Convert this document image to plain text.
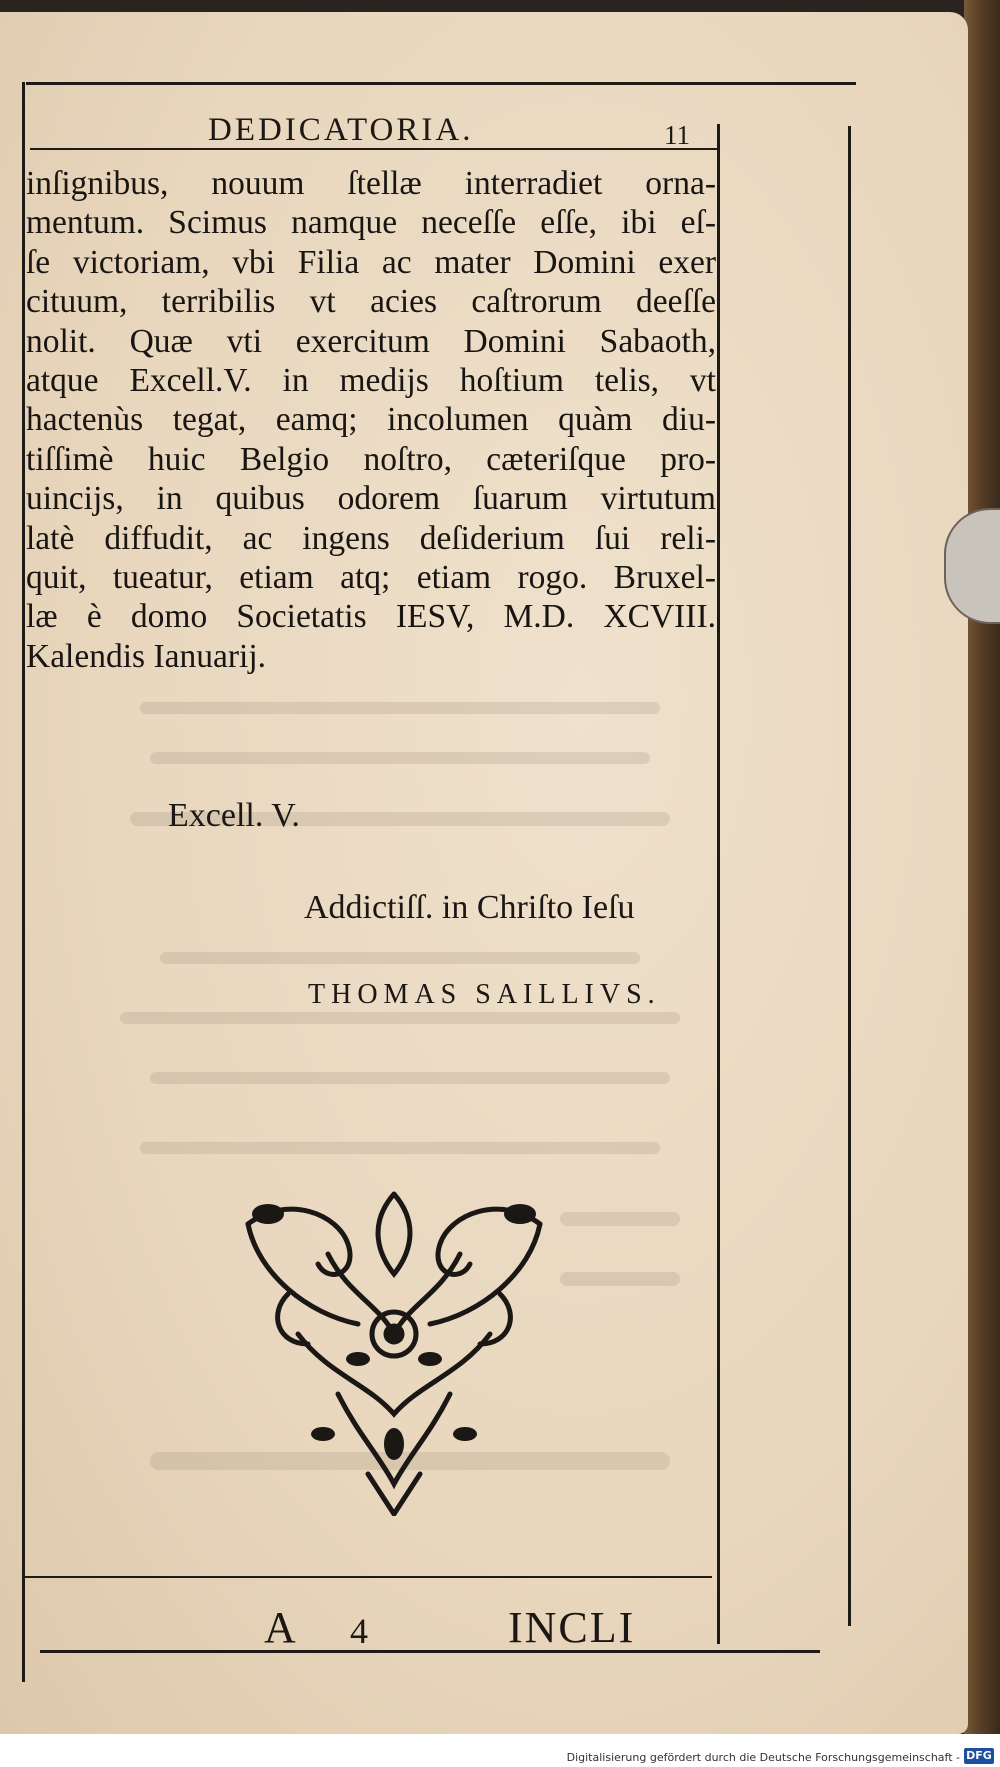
DEDICATORIA.	11
inſignibus, nouum ſtellæ interradiet orna-
mentum. Scimus namque neceſſe eſſe, ibi eſ-
ſe victoriam, vbi Filia ac mater Domini exer
cituum, terribilis vt acies caſtrorum deeſſe
nolit. Quæ vti exercitum Domini Sabaoth,
atque Excell.V. in medijs hoſtium telis, vt
hactenùs tegat, eamq; incolumen quàm diu-
tiſſimè huic Belgio noſtro, cæteriſque pro-
uincijs, in quibus odorem ſuarum virtutum
latè diffudit, ac ingens deſiderium ſui reli-
quit, tueatur, etiam atq; etiam rogo. Bruxel-
læ è domo Societatis IESV, M.D. XCVIII.
Kalendis Ianuarij.
Excell. V.
Addictiſſ. in Chriſto Ieſu
THOMAS SAILLIVS.
A 4	INCLI
Digitalisierung gefördert durch die Deutsche Forschungsgemeinschaft - DFG
